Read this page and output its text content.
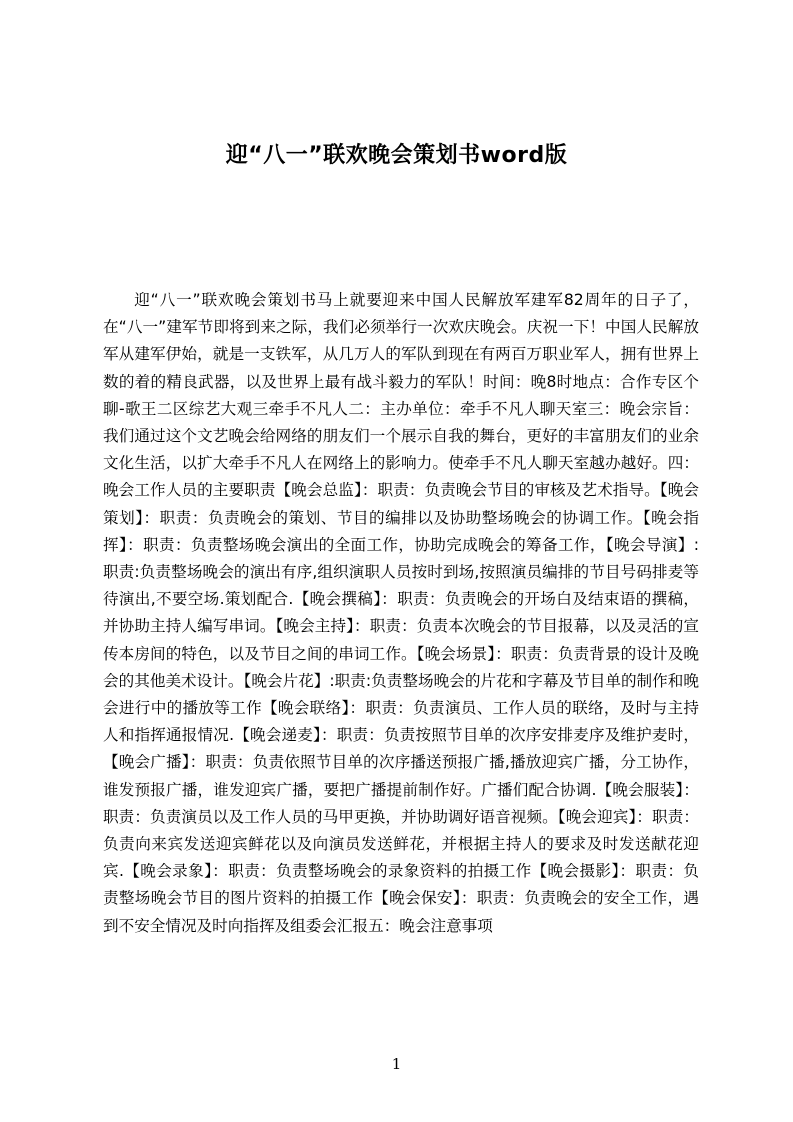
迎“八一”联欢晚会策划书word版

迎“八一”联欢晚会策划书马上就要迎来中国人民解放军建军82周年的日子了，在“八一”建军节即将到来之际，我们必须举行一次欢庆晚会。庆祝一下！中国人民解放军从建军伊始，就是一支铁军，从几万人的军队到现在有两百万职业军人，拥有世界上数的着的精良武器，以及世界上最有战斗毅力的军队！时间：晚8时地点：合作专区个聊-歌王二区综艺大观三牵手不凡人二：主办单位：牵手不凡人聊天室三：晚会宗旨：我们通过这个文艺晚会给网络的朋友们一个展示自我的舞台，更好的丰富朋友们的业余文化生活，以扩大牵手不凡人在网络上的影响力。使牵手不凡人聊天室越办越好。四：晚会工作人员的主要职责【晚会总监】：职责：负责晚会节目的审核及艺术指导。【晚会策划】：职责：负责晚会的策划、节目的编排以及协助整场晚会的协调工作。【晚会指挥】：职责：负责整场晚会演出的全面工作，协助完成晚会的筹备工作，【晚会导演】:职责:负责整场晚会的演出有序,组织演职人员按时到场,按照演员编排的节目号码排麦等待演出,不要空场.策划配合.【晚会撰稿】：职责：负责晚会的开场白及结束语的撰稿，并协助主持人编写串词。【晚会主持】：职责：负责本次晚会的节目报幕，以及灵活的宣传本房间的特色，以及节目之间的串词工作。【晚会场景】：职责：负责背景的设计及晚会的其他美术设计。【晚会片花】:职责:负责整场晚会的片花和字幕及节目单的制作和晚会进行中的播放等工作【晚会联络】：职责：负责演员、工作人员的联络，及时与主持人和指挥通报情况.【晚会递麦】：职责：负责按照节目单的次序安排麦序及维护麦时，【晚会广播】：职责：负责依照节目单的次序播送预报广播,播放迎宾广播，分工协作，谁发预报广播，谁发迎宾广播，要把广播提前制作好。广播们配合协调.【晚会服装】：职责：负责演员以及工作人员的马甲更换，并协助调好语音视频。【晚会迎宾】：职责：负责向来宾发送迎宾鲜花以及向演员发送鲜花，并根据主持人的要求及时发送献花迎宾.【晚会录象】：职责：负责整场晚会的录象资料的拍摄工作【晚会摄影】：职责：负责整场晚会节目的图片资料的拍摄工作【晚会保安】：职责：负责晚会的安全工作，遇到不安全情况及时向指挥及组委会汇报五：晚会注意事项

1
